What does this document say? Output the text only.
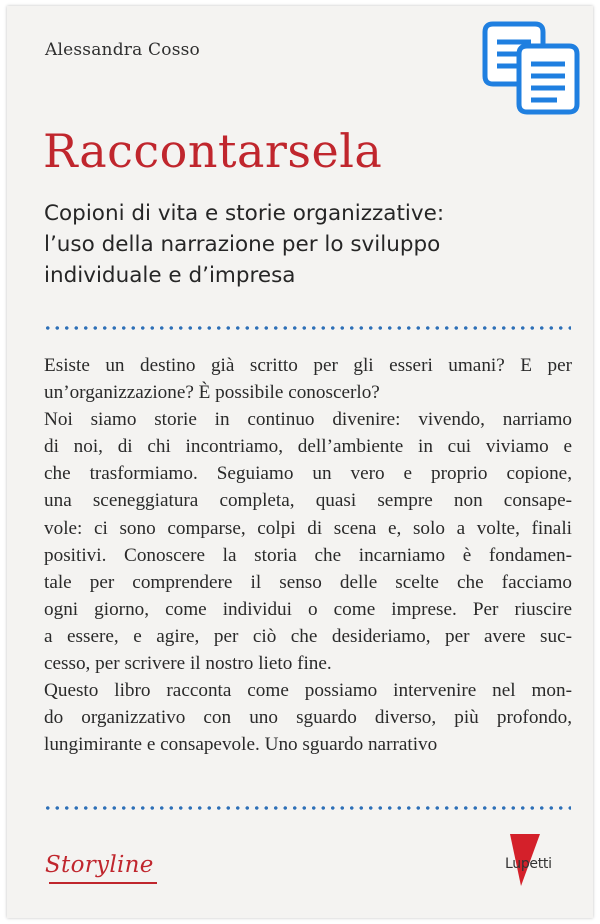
Alessandra Cosso
Raccontarsela
Copioni di vita e storie organizzative:
l’uso della narrazione per lo sviluppo
individuale e d’impresa
Esiste un destino già scritto per gli esseri umani? E per
un’organizzazione? È possibile conoscerlo?
Noi siamo storie in continuo divenire: vivendo, narriamo
di noi, di chi incontriamo, dell’ambiente in cui viviamo e
che trasformiamo. Seguiamo un vero e proprio copione,
una sceneggiatura completa, quasi sempre non consape-
vole: ci sono comparse, colpi di scena e, solo a volte, finali
positivi. Conoscere la storia che incarniamo è fondamen-
tale per comprendere il senso delle scelte che facciamo
ogni giorno, come individui o come imprese. Per riuscire
a essere, e agire, per ciò che desideriamo, per avere suc-
cesso, per scrivere il nostro lieto fine.
Questo libro racconta come possiamo intervenire nel mon-
do organizzativo con uno sguardo diverso, più profondo,
lungimirante e consapevole. Uno sguardo narrativo
Storyline	Lupetti
